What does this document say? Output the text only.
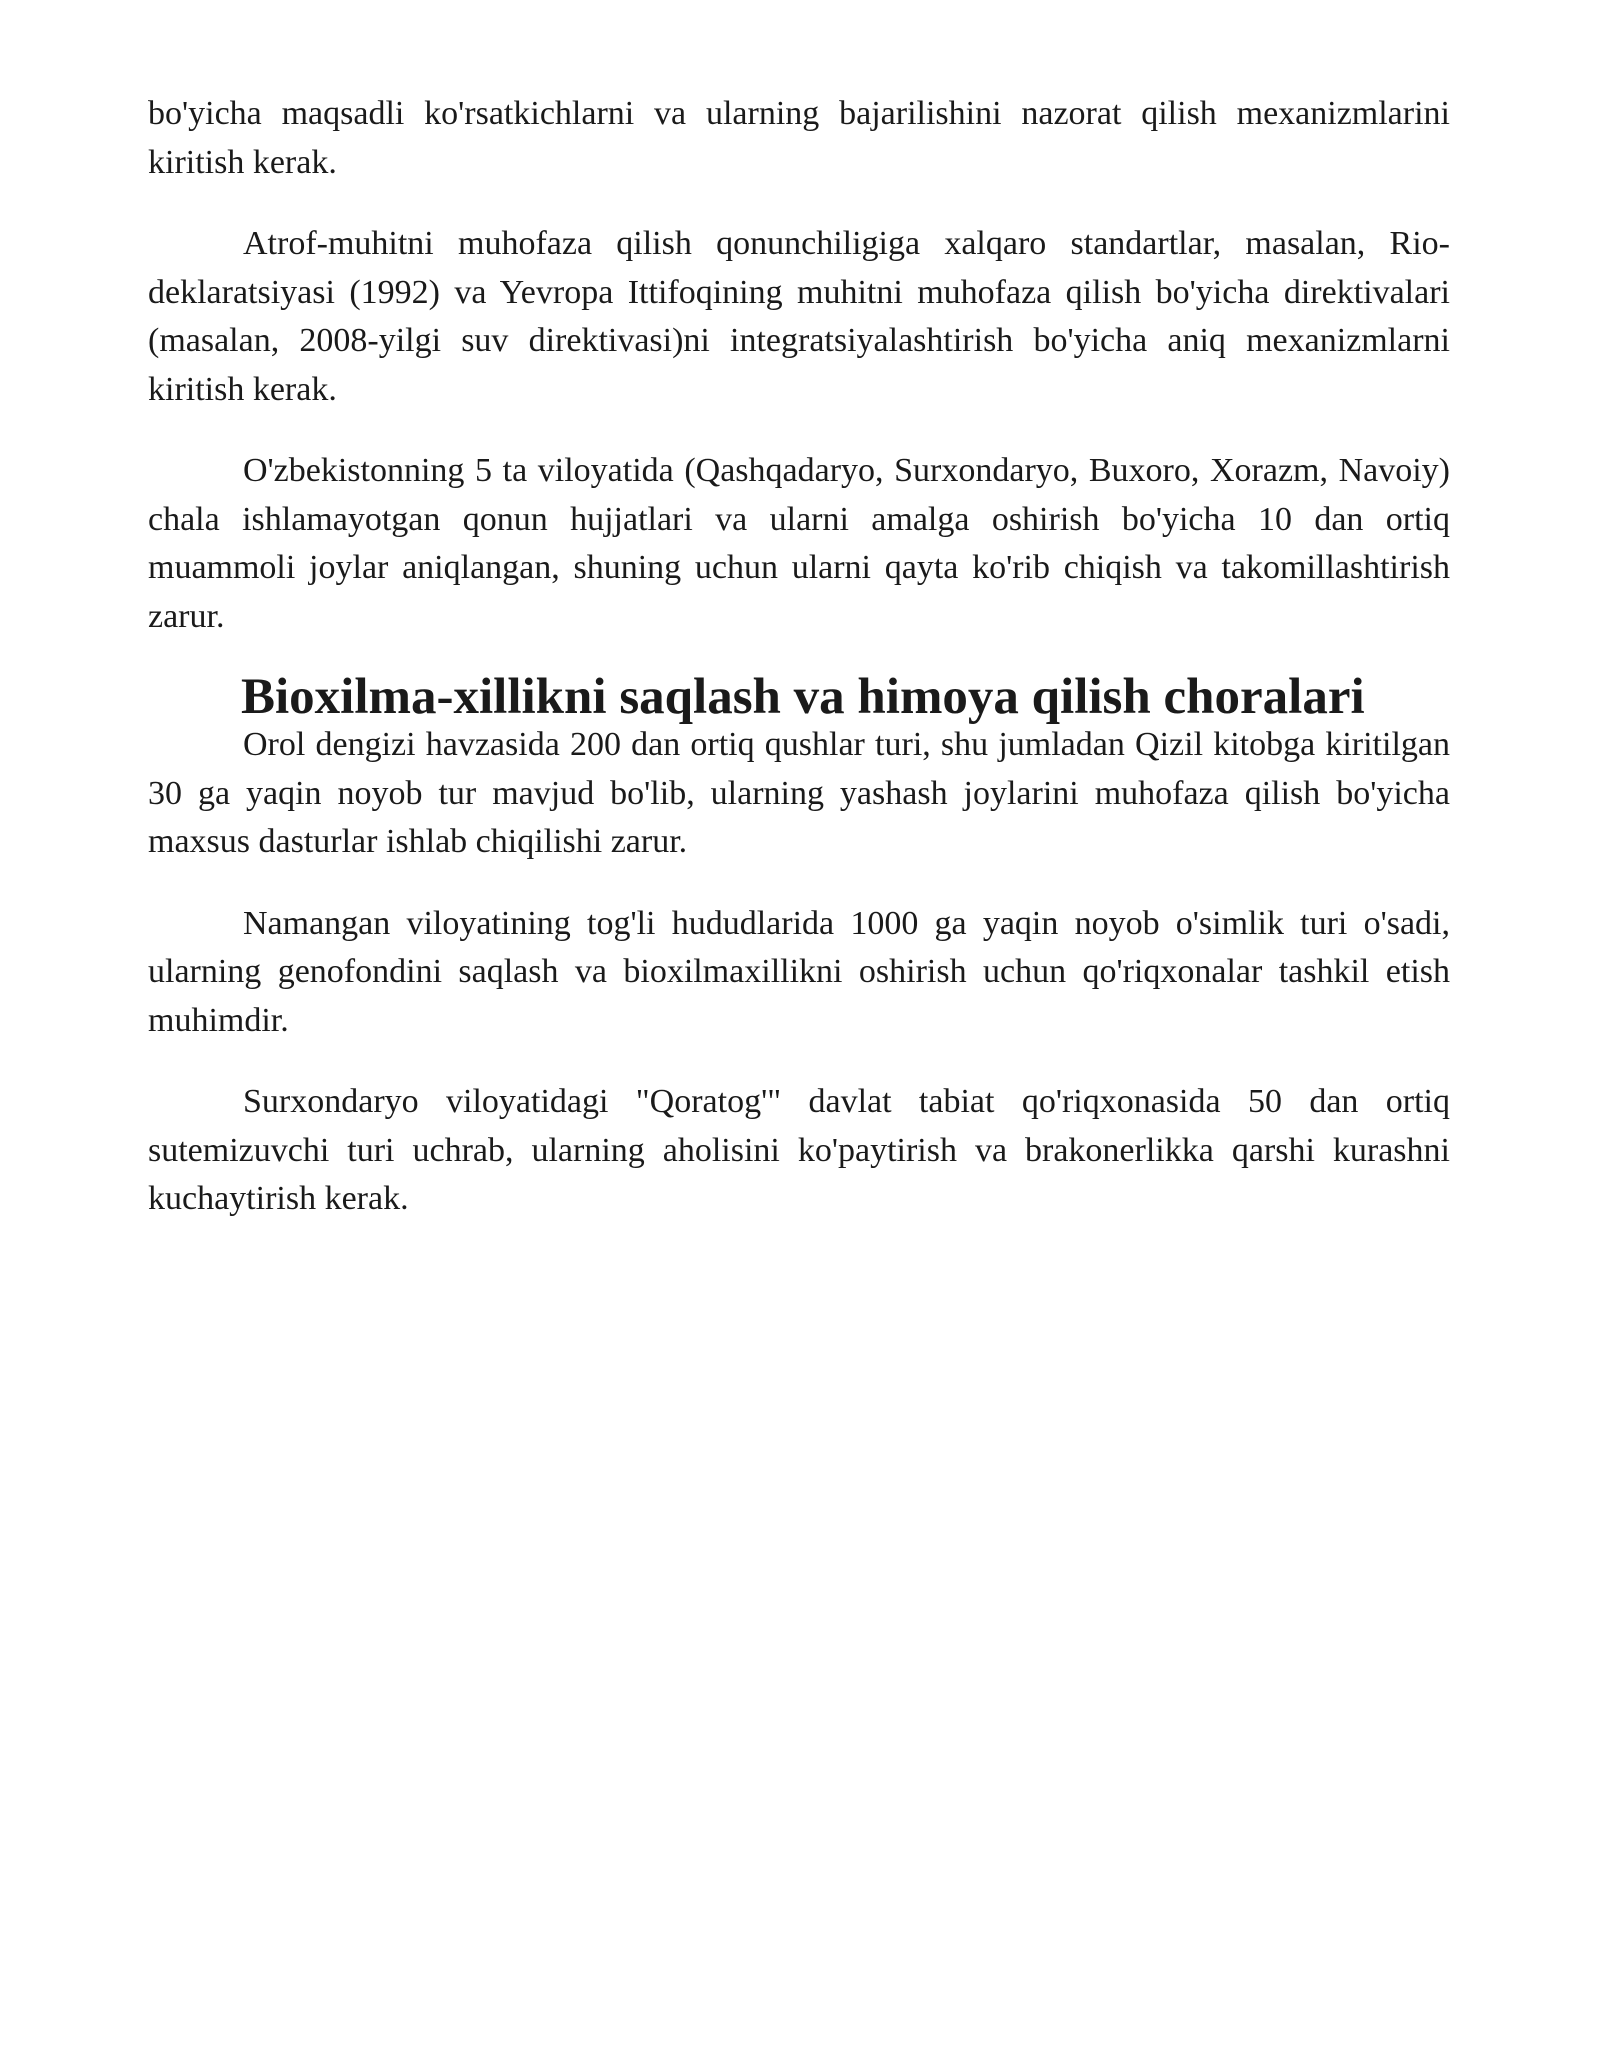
bo'yicha maqsadli ko'rsatkichlarni va ularning bajarilishini nazorat qilish mexanizmlarini kiritish kerak.

Atrof-muhitni muhofaza qilish qonunchiligiga xalqaro standartlar, masalan, Rio-deklaratsiyasi (1992) va Yevropa Ittifoqining muhitni muhofaza qilish bo'yicha direktivalari (masalan, 2008-yilgi suv direktivasi)ni integratsiyalashtirish bo'yicha aniq mexanizmlarni kiritish kerak.

O'zbekistonning 5 ta viloyatida (Qashqadaryo, Surxondaryo, Buxoro, Xorazm, Navoiy) chala ishlamayotgan qonun hujjatlari va ularni amalga oshirish bo'yicha 10 dan ortiq muammoli joylar aniqlangan, shuning uchun ularni qayta ko'rib chiqish va takomillashtirish zarur.

Bioxilma-xillikni saqlash va himoya qilish choralari

Orol dengizi havzasida 200 dan ortiq qushlar turi, shu jumladan Qizil kitobga kiritilgan 30 ga yaqin noyob tur mavjud bo'lib, ularning yashash joylarini muhofaza qilish bo'yicha maxsus dasturlar ishlab chiqilishi zarur.

Namangan viloyatining tog'li hududlarida 1000 ga yaqin noyob o'simlik turi o'sadi, ularning genofondini saqlash va bioxilmaxillikni oshirish uchun qo'riqxonalar tashkil etish muhimdir.

Surxondaryo viloyatidagi "Qoratog'" davlat tabiat qo'riqxonasida 50 dan ortiq sutemizuvchi turi uchrab, ularning aholisini ko'paytirish va brakonerlikka qarshi kurashni kuchaytirish kerak.
